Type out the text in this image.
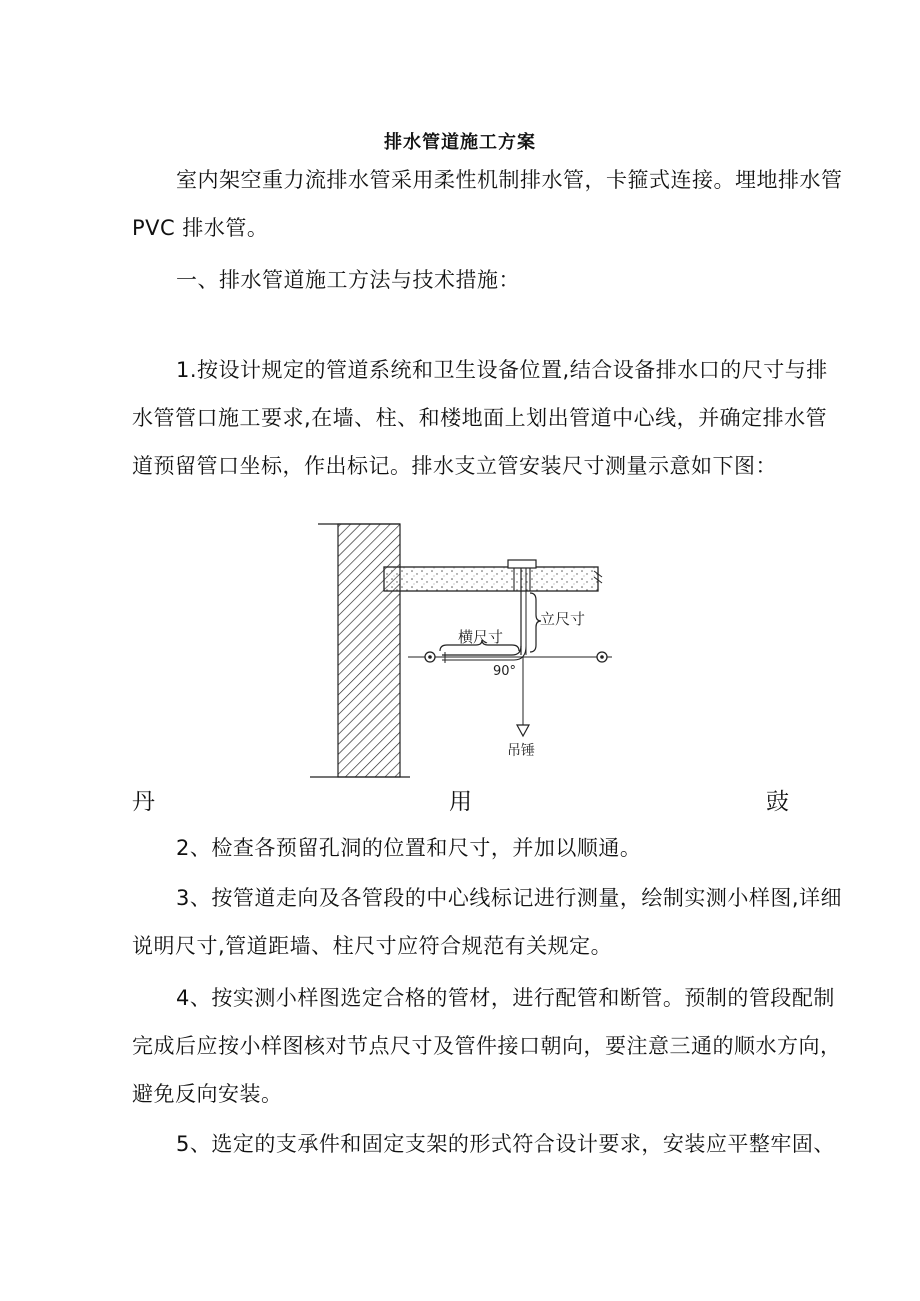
排水管道施工方案
室内架空重力流排水管采用柔性机制排水管，卡箍式连接。埋地排水管
PVC 排水管。
一、排水管道施工方法与技术措施：
1.按设计规定的管道系统和卫生设备位置,结合设备排水口的尺寸与排
水管管口施工要求,在墙、柱、和楼地面上划出管道中心线，并确定排水管
道预留管口坐标，作出标记。排水支立管安装尺寸测量示意如下图：
立尺寸
横尺寸
90°
吊锤
丹	用	豉
2、检查各预留孔洞的位置和尺寸，并加以顺通。
3、按管道走向及各管段的中心线标记进行测量，绘制实测小样图,详细
说明尺寸,管道距墙、柱尺寸应符合规范有关规定。
4、按实测小样图选定合格的管材，进行配管和断管。预制的管段配制
完成后应按小样图核对节点尺寸及管件接口朝向，要注意三通的顺水方向，
避免反向安装。
5、选定的支承件和固定支架的形式符合设计要求，安装应平整牢固、
